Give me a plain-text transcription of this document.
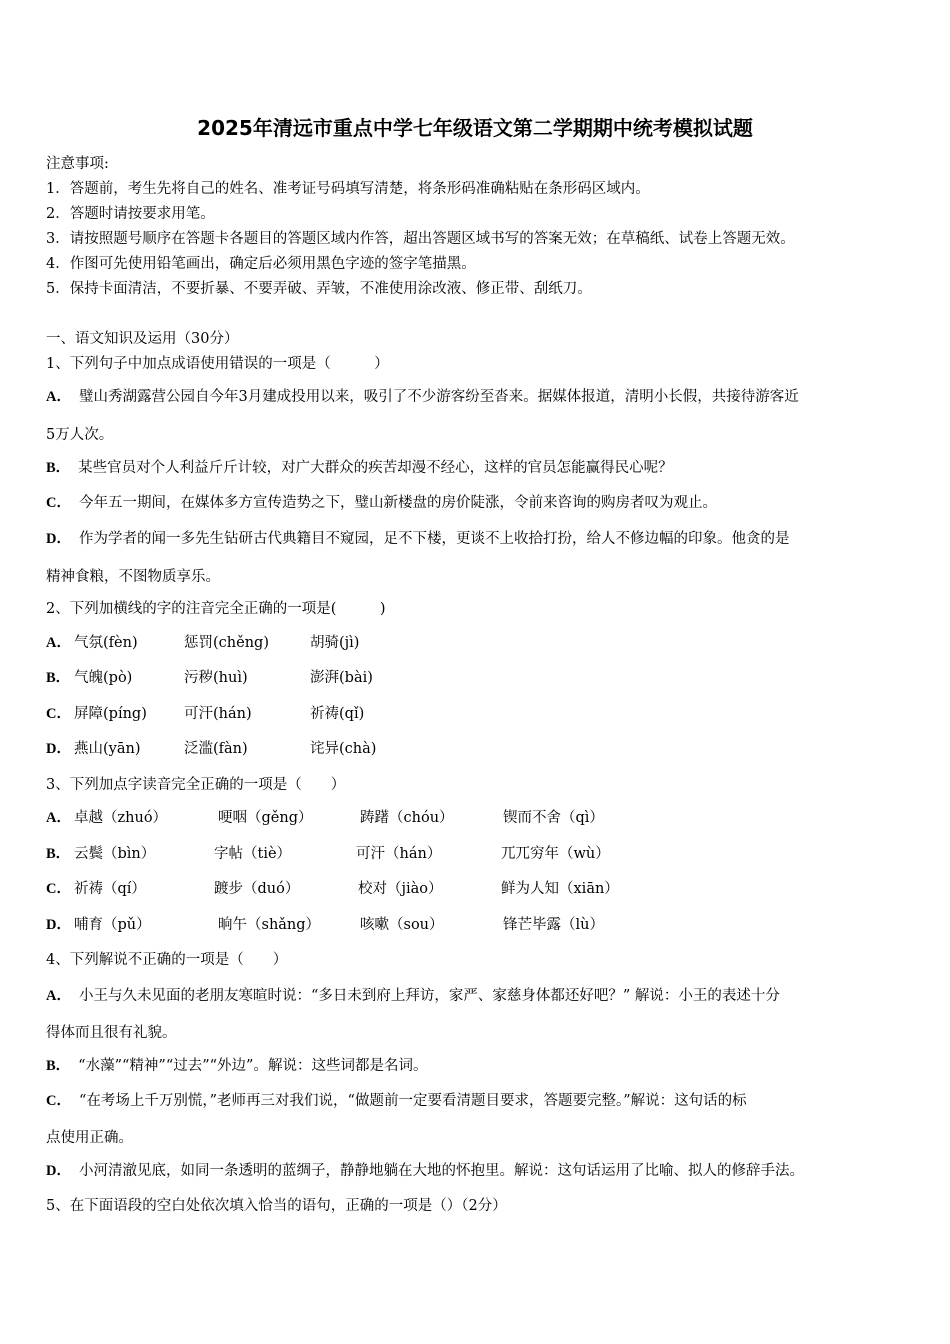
2025年清远市重点中学七年级语文第二学期期中统考模拟试题
注意事项:
1．答题前，考生先将自己的姓名、准考证号码填写清楚，将条形码准确粘贴在条形码区域内。
2．答题时请按要求用笔。
3．请按照题号顺序在答题卡各题目的答题区域内作答，超出答题区域书写的答案无效；在草稿纸、试卷上答题无效。
4．作图可先使用铅笔画出，确定后必须用黑色字迹的签字笔描黑。
5．保持卡面清洁，不要折暴、不要弄破、弄皱，不准使用涂改液、修正带、刮纸刀。
一、语文知识及运用（30分）
1、下列句子中加点成语使用错误的一项是（　　　）
A． 璧山秀湖露营公园自今年3月建成投用以来，吸引了不少游客纷至沓来。据媒体报道，清明小长假，共接待游客近
5万人次。
B． 某些官员对个人利益斤斤计较，对广大群众的疾苦却漫不经心，这样的官员怎能赢得民心呢？
C． 今年五一期间，在媒体多方宣传造势之下，璧山新楼盘的房价陡涨，令前来咨询的购房者叹为观止。
D． 作为学者的闻一多先生钻研古代典籍目不窥园，足不下楼，更谈不上收拾打扮，给人不修边幅的印象。他贪的是
精神食粮，不图物质享乐。
2、下列加横线的字的注音完全正确的一项是(　　　)
A． 气氛(fèn)	惩罚(chěng)	胡骑(jì)
B． 气魄(pò)	污秽(huì)	澎湃(bài)
C． 屏障(píng)	可汗(hán)	祈祷(qǐ)
D． 燕山(yān)	泛滥(fàn)	诧异(chà)
3、下列加点字读音完全正确的一项是（　　）
A． 卓越（zhuó）	哽咽（gěng）	踌躇（chóu）	锲而不舍（qì）
B． 云鬓（bìn）	字帖（tiè）	可汗（hán）	兀兀穷年（wù）
C． 祈祷（qí）	踱步（duó）	校对（jiào）	鲜为人知（xiān）
D． 哺育（pǔ）	晌午（shǎng）	咳嗽（sou）	锋芒毕露（lù）
4、下列解说不正确的一项是（　　）
A． 小王与久未见面的老朋友寒暄时说：“多日未到府上拜访，家严、家慈身体都还好吧？” 解说：小王的表述十分
得体而且很有礼貌。
B． “水藻”“精神”“过去”“外边”。解说：这些词都是名词。
C． “在考场上千万别慌，”老师再三对我们说，“做题前一定要看清题目要求，答题要完整。”解说：这句话的标
点使用正确。
D． 小河清澈见底，如同一条透明的蓝绸子，静静地躺在大地的怀抱里。解说：这句话运用了比喻、拟人的修辞手法。
5、在下面语段的空白处依次填入恰当的语句，正确的一项是（）（2分）
